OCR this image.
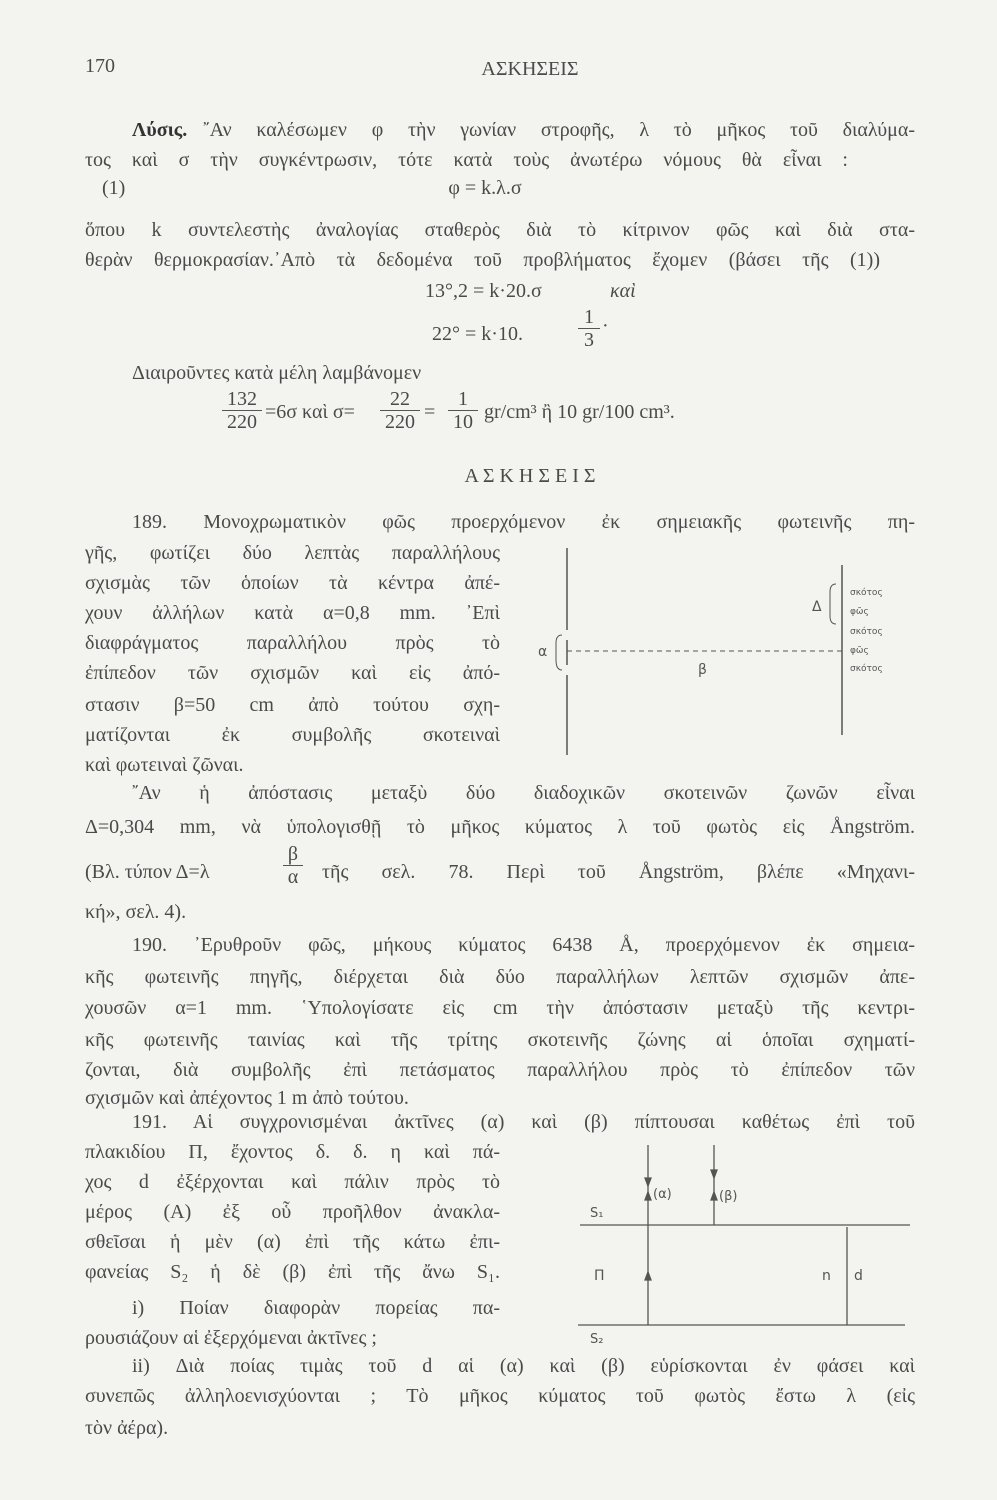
170	ΑΣΚΗΣΕΙΣ
Λύσις. ῎Αν καλέσωμεν φ τὴν γωνίαν στροφῆς, λ τὸ μῆκος τοῦ διαλύμα-
τος καὶ σ τὴν συγκέντρωσιν, τότε κατὰ τοὺς ἀνωτέρω νόμους θὰ εἶναι :
(1)	φ = k.λ.σ
ὅπου k συντελεστὴς ἀναλογίας σταθερὸς διὰ τὸ κίτρινον φῶς καὶ διὰ στα-
θερὰν θερμοκρασίαν.᾽Απὸ τὰ δεδομένα τοῦ προβλήματος ἔχομεν (βάσει τῆς (1))
13°,2 = k·20.σ	καὶ
22° = k·10.	$\frac{1}{3}$ ·
Διαιροῦντες κατὰ μέλη λαμβάνομεν
$\frac{132}{220} =6\sigma$ καὶ $\sigma= \frac{22}{220} = \frac{1}{10} gr/cm^3$ ἢ 10 gr/100 cm³.
Α Σ Κ Η Σ Ε Ι Σ
189. Μονοχρωματικὸν φῶς προερχόμενον ἐκ σημειακῆς φωτεινῆς πη-
γῆς, φωτίζει δύο λεπτὰς παραλλήλους
σχισμὰς τῶν ὁποίων τὰ κέντρα ἀπέ-
χουν ἀλλήλων κατὰ α=0,8 mm. ᾽Επὶ
διαφράγματος παραλλήλου πρὸς τὸ
ἐπίπεδον τῶν σχισμῶν καὶ εἰς ἀπό-
στασιν β=50 cm ἀπὸ τούτου σχη-
ματίζονται ἐκ συμβολῆς σκοτειναὶ
καὶ φωτειναὶ ζῶναι.
α
β
Δ
σκότος
φῶς
σκότος
φῶς
σκότος
῎Αν ἡ ἀπόστασις μεταξὺ δύο διαδοχικῶν σκοτεινῶν ζωνῶν εἶναι
Δ=0,304 mm, νὰ ὑπολογισθῇ τὸ μῆκος κύματος λ τοῦ φωτὸς εἰς Ångström.
(Βλ. τύπον Δ=λ	$\frac{\beta}{\alpha}$ τῆς σελ. 78. Περὶ τοῦ Ångström, βλέπε «Μηχανι-
κή», σελ. 4).
190. ᾽Ερυθροῦν φῶς, μήκους κύματος 6438 Å, προερχόμενον ἐκ σημεια-
κῆς φωτεινῆς πηγῆς, διέρχεται διὰ δύο παραλλήλων λεπτῶν σχισμῶν ἀπε-
χουσῶν α=1 mm. ῾Υπολογίσατε εἰς cm τὴν ἀπόστασιν μεταξὺ τῆς κεντρι-
κῆς φωτεινῆς ταινίας καὶ τῆς τρίτης σκοτεινῆς ζώνης αἱ ὁποῖαι σχηματί-
ζονται, διὰ συμβολῆς ἐπὶ πετάσματος παραλλήλου πρὸς τὸ ἐπίπεδον τῶν
σχισμῶν καὶ ἀπέχοντος 1 m ἀπὸ τούτου.
191. Αἱ συγχρονισμέναι ἀκτῖνες (α) καὶ (β) πίπτουσαι καθέτως ἐπὶ τοῦ
πλακιδίου Π, ἔχοντος δ. δ. η καὶ πά-
χος d ἐξέρχονται καὶ πάλιν πρὸς τὸ
μέρος (Α) ἐξ οὗ προῆλθον ἀνακλα-
σθεῖσαι ἡ μὲν (α) ἐπὶ τῆς κάτω ἐπι-
φανείας S₂ ἡ δὲ (β) ἐπὶ τῆς ἄνω S₁.
i) Ποίαν διαφορὰν πορείας πα-
ρουσιάζουν αἱ ἐξερχόμεναι ἀκτῖνες ;
(α)	(β)
S₁
Π	n d
S₂
ii) Διὰ ποίας τιμὰς τοῦ d αἱ (α) καὶ (β) εὑρίσκονται ἐν φάσει καὶ
συνεπῶς ἀλληλοενισχύονται ; Τὸ μῆκος κύματος τοῦ φωτὸς ἔστω λ (εἰς
τὸν ἀέρα).
